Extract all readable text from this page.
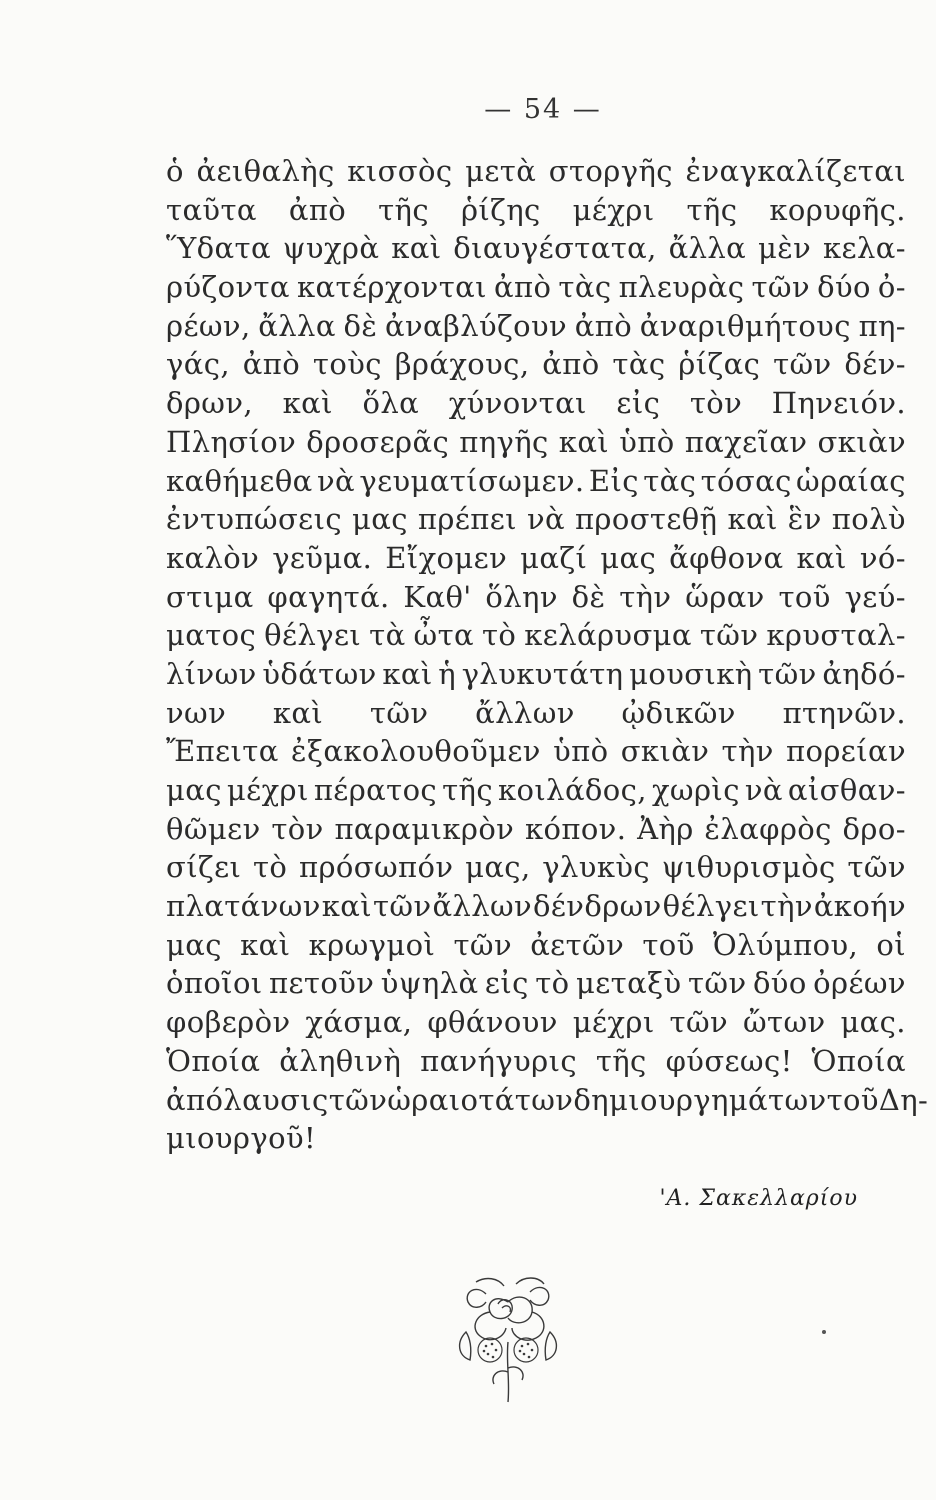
— 54 —
ὁ ἀειθαλὴς κισσὸς μετὰ στοργῆς ἐναγκαλίζεται
ταῦτα ἀπὸ τῆς ῥίζης μέχρι τῆς κορυφῆς.
Ὕδατα ψυχρὰ καὶ διαυγέστατα, ἄλλα μὲν κελα-
ρύζοντα κατέρχονται ἀπὸ τὰς πλευρὰς τῶν δύο ὀ-
ρέων, ἄλλα δὲ ἀναβλύζουν ἀπὸ ἀναριθμήτους πη-
γάς, ἀπὸ τοὺς βράχους, ἀπὸ τὰς ῥίζας τῶν δέν-
δρων, καὶ ὅλα χύνονται εἰς τὸν Πηνειόν.
Πλησίον δροσερᾶς πηγῆς καὶ ὑπὸ παχεῖαν σκιὰν
καθήμεθα νὰ γευματίσωμεν. Εἰς τὰς τόσας ὡραίας
ἐντυπώσεις μας πρέπει νὰ προστεθῇ καὶ ἓν πολὺ
καλὸν γεῦμα. Εἴχομεν μαζί μας ἄφθονα καὶ νό-
στιμα φαγητά. Καθ' ὅλην δὲ τὴν ὥραν τοῦ γεύ-
ματος θέλγει τὰ ὦτα τὸ κελάρυσμα τῶν κρυσταλ-
λίνων ὑδάτων καὶ ἡ γλυκυτάτη μουσικὴ τῶν ἀηδό-
νων καὶ τῶν ἄλλων ᾠδικῶν πτηνῶν.
Ἔπειτα ἐξακολουθοῦμεν ὑπὸ σκιὰν τὴν πορείαν
μας μέχρι πέρατος τῆς κοιλάδος, χωρὶς νὰ αἰσθαν-
θῶμεν τὸν παραμικρὸν κόπον. Ἀὴρ ἐλαφρὸς δρο-
σίζει τὸ πρόσωπόν μας, γλυκὺς ψιθυρισμὸς τῶν
πλατάνων καὶ τῶν ἄλλων δένδρων θέλγει τὴν ἀκοήν
μας καὶ κρωγμοὶ τῶν ἀετῶν τοῦ Ὀλύμπου, οἱ
ὁποῖοι πετοῦν ὑψηλὰ εἰς τὸ μεταξὺ τῶν δύο ὀρέων
φοβερὸν χάσμα, φθάνουν μέχρι τῶν ὤτων μας.
Ὁποία ἀληθινὴ πανήγυρις τῆς φύσεως! Ὁποία
ἀπόλαυσις τῶν ὡραιοτάτων δημιουργημάτων τοῦ Δη-
μιουργοῦ!
'Α. Σακελλαρίου
